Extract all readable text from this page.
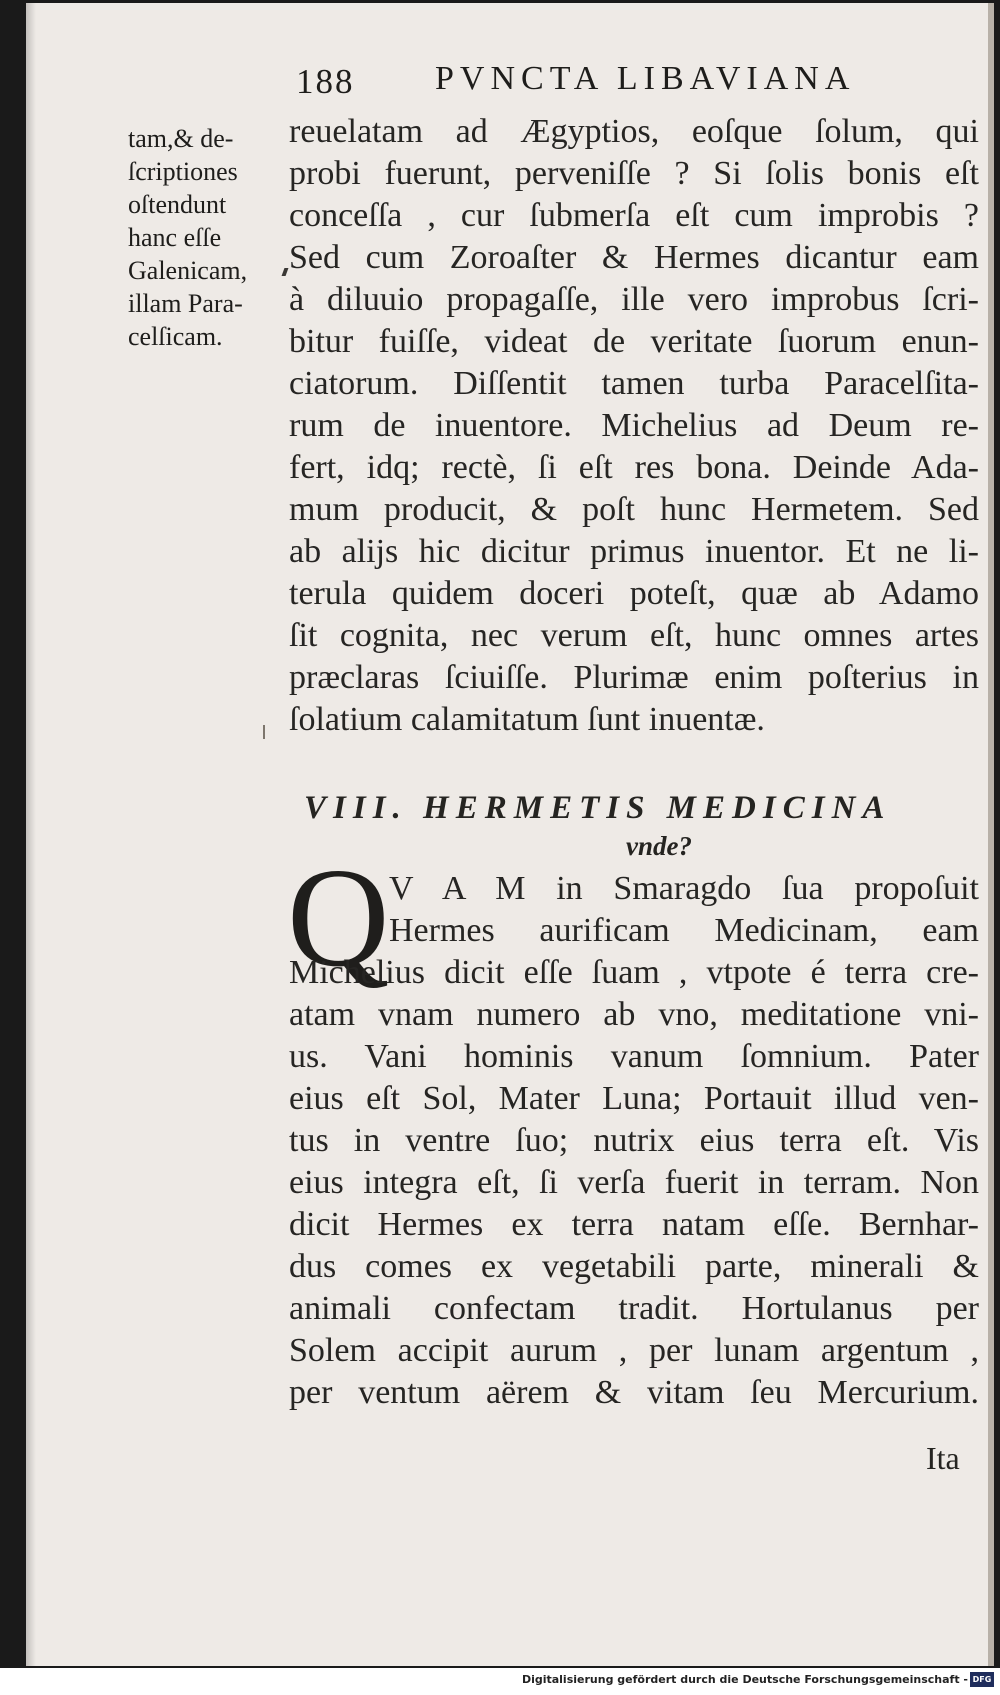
188 PVNCTA LIBAVIANA
tam,& de-
ſcriptiones
oſtendunt
hanc eſſe
Galenicam,
illam Para-
celſicam.
reuelatam ad Ægyptios, eoſque ſolum, qui
probi fuerunt, perveniſſe ? Si ſolis bonis eſt
conceſſa , cur ſubmerſa eſt cum improbis ?
Sed cum Zoroaſter & Hermes dicantur eam
à diluuio propagaſſe, ille vero improbus ſcri-
bitur fuiſſe, videat de veritate ſuorum enun-
ciatorum. Diſſentit tamen turba Paracelſita-
rum de inuentore. Michelius ad Deum re-
fert, idq; rectè, ſi eſt res bona. Deinde Ada-
mum producit, & poſt hunc Hermetem. Sed
ab alijs hic dicitur primus inuentor. Et ne li-
terula quidem doceri poteſt, quæ ab Adamo
ſit cognita, nec verum eſt, hunc omnes artes
præclaras ſciuiſſe. Plurimæ enim poſterius in
ſolatium calamitatum ſunt inuentæ.
VIII. HERMETIS MEDICINA
vnde?
Q V A M in Smaragdo ſua propoſuit
Hermes aurificam Medicinam, eam
Michelius dicit eſſe ſuam , vtpote é terra cre-
atam vnam numero ab vno, meditatione vni-
us. Vani hominis vanum ſomnium. Pater
eius eſt Sol, Mater Luna; Portauit illud ven-
tus in ventre ſuo; nutrix eius terra eſt. Vis
eius integra eſt, ſi verſa fuerit in terram. Non
dicit Hermes ex terra natam eſſe. Bernhar-
dus comes ex vegetabili parte, minerali &
animali confectam tradit. Hortulanus per
Solem accipit aurum , per lunam argentum ,
per ventum aërem & vitam ſeu Mercurium.
Ita
Digitalisierung gefördert durch die Deutsche Forschungsgemeinschaft - DFG
